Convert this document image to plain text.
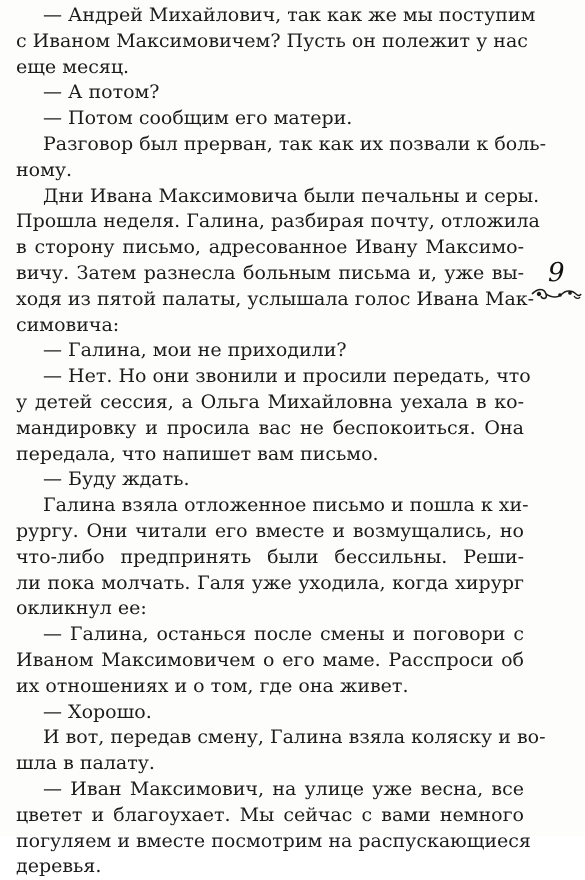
— Андрей Михайлович, так как же мы поступим
с Иваном Максимовичем? Пусть он полежит у нас
еще месяц.
— А потом?
— Потом сообщим его матери.
Разговор был прерван, так как их позвали к боль-
ному.
Дни Ивана Максимовича были печальны и серы.
Прошла неделя. Галина, разбирая почту, отложила
в сторону письмо, адресованное Ивану Максимо-
вичу. Затем разнесла больным письма и, уже вы-
ходя из пятой палаты, услышала голос Ивана Мак-
симовича:
— Галина, мои не приходили?
— Нет. Но они звонили и просили передать, что
у детей сессия, а Ольга Михайловна уехала в ко-
мандировку и просила вас не беспокоиться. Она
передала, что напишет вам письмо.
— Буду ждать.
Галина взяла отложенное письмо и пошла к хи-
рургу. Они читали его вместе и возмущались, но
что-либо предпринять были бессильны. Реши-
ли пока молчать. Галя уже уходила, когда хирург
окликнул ее:
— Галина, останься после смены и поговори с
Иваном Максимовичем о его маме. Расспроси об
их отношениях и о том, где она живет.
— Хорошо.
И вот, передав смену, Галина взяла коляску и во-
шла в палату.
— Иван Максимович, на улице уже весна, все
цветет и благоухает. Мы сейчас с вами немного
погуляем и вместе посмотрим на распускающиеся
деревья.
9
